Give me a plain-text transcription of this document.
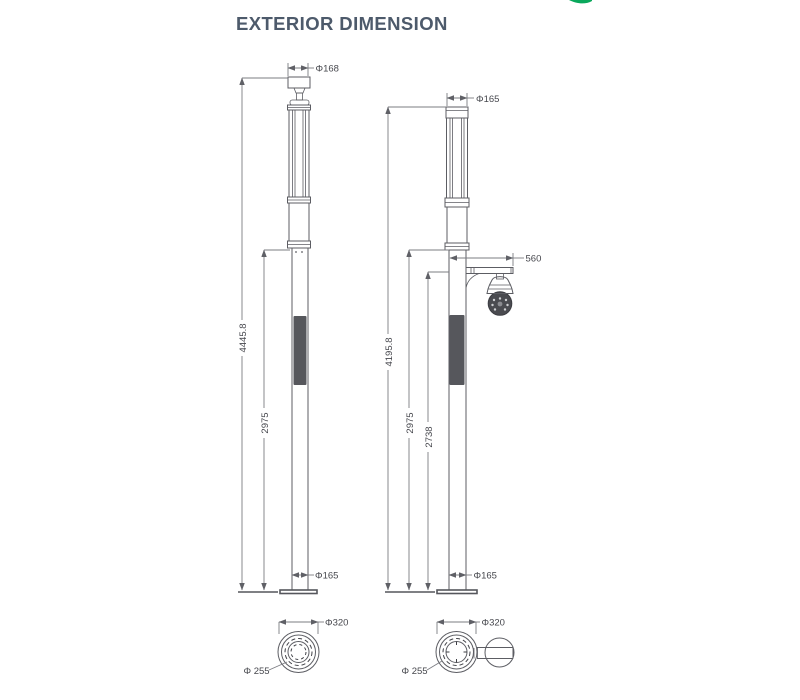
EXTERIOR DIMENSION
Φ168
4445.8
2975
Φ165
Φ165
560
4195.8
2975
2738
Φ165
Φ320
Φ 255
Φ320
Φ 255
